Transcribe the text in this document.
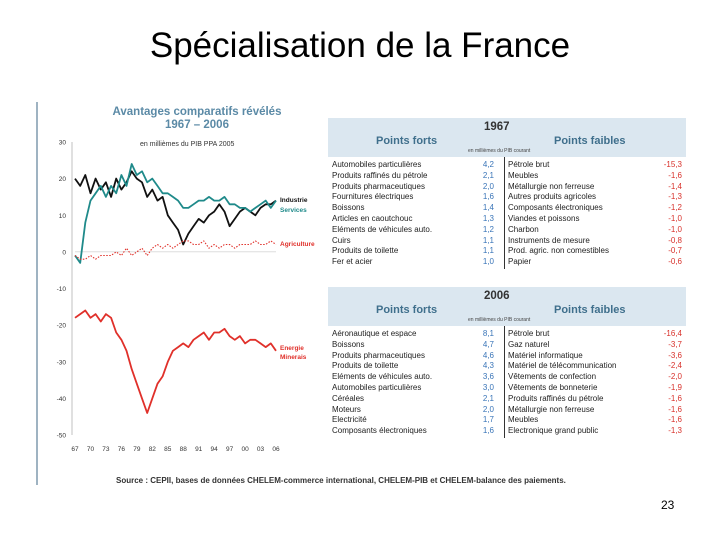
Spécialisation de la France
Avantages comparatifs révélés
1967 – 2006
en millièmes du PIB PPA 2005
30
20
10
0
-10
-20
-30
-40
-50
67 70 73 76 79 82 85 88 91 94 97 00 03 06
Industrie
Services
Agriculture
Energie
Minerais
1967
Points forts	Points faibles
en millièmes du PIB courant
Automobiles particulières	4,2 Pétrole brut	-15,3
Produits raffinés du pétrole	2,1 Meubles	-1,6
Produits pharmaceutiques	2,0 Métallurgie non ferreuse	-1,4
Fournitures électriques	1,6 Autres produits agricoles	-1,3
Boissons	1,4 Composants électroniques	-1,2
Articles en caoutchouc	1,3 Viandes et poissons	-1,0
Eléments de véhicules auto.	1,2 Charbon	-1,0
Cuirs	1,1 Instruments de mesure	-0,8
Produits de toilette	1,1 Prod. agric. non comestibles	-0,7
Fer et acier	1,0 Papier	-0,6
2006
Points forts	Points faibles
en millièmes du PIB courant
Aéronautique et espace	8,1 Pétrole brut	-16,4
Boissons	4,7 Gaz naturel	-3,7
Produits pharmaceutiques	4,6 Matériel informatique	-3,6
Produits de toilette	4,3 Matériel de télécommunication	-2,4
Eléments de véhicules auto.	3,6 Vêtements de confection	-2,0
Automobiles particulières	3,0 Vêtements de bonneterie	-1,9
Céréales	2,1 Produits raffinés du pétrole	-1,6
Moteurs	2,0 Métallurgie non ferreuse	-1,6
Electricité	1,7 Meubles	-1,6
Composants électroniques	1,6 Electronique grand public	-1,3
Source : CEPII, bases de données CHELEM-commerce international, CHELEM-PIB et CHELEM-balance des paiements.
23
